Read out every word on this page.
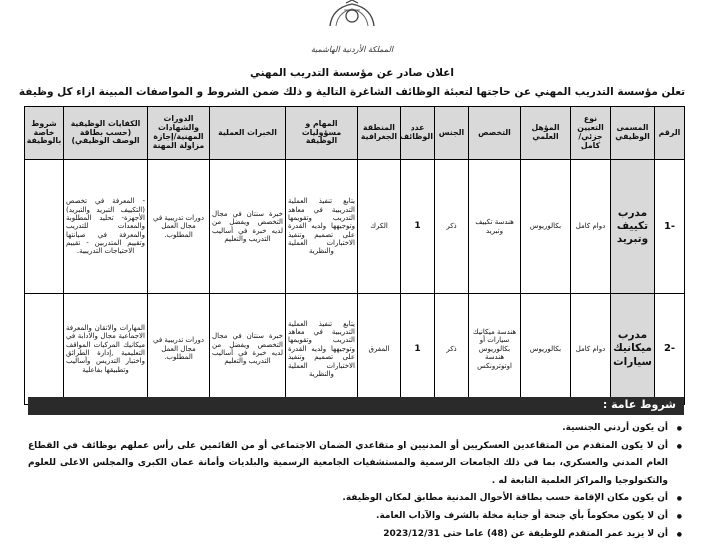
المملكة الأردنية الهاشمية
اعلان صادر عن مؤسسة التدريب المهني
تعلن مؤسسة التدريب المهني عن حاجتها لتعبئة الوظائف الشاغرة التالية و ذلك ضمن الشروط و المواصفات المبينة ازاء كل وظيفة
الرقم	المسمى الوظيفي	نوع التعيين جزئي/كامل	المؤهل العلمي	التخصص	الجنس	عدد الوظائف	المنطقة الجغرافية	المهام و مسؤوليات الوظيفة	الخبرات العملية	الدورات والشهادات المهنية/إجازة مزاولة المهنة	الكفايات الوظيفية (حسب بطاقة الوصف الوظيفي)	شروط خاصة بالوظيفة
1-	مدرب تكييف وتبريد	دوام كامل	بكالوريوس	هندسة تكييف وتبريد	ذكر	1	الكرك	يتابع تنفيذ العملية التدريبية في معاهد التدريب وتقويمها وتوجيهها ولديه القدرة على تصميم وتنفيذ الاختبارات العملية والنظرية	خبرة سنتان في مجال التخصص ويفضل من لديه خبرة في أساليب التدريب والتعليم	دورات تدريبية في مجال العمل المطلوب.	- المعرفة في تخصص (التكييف التبريد والتبريد) الأجهزة- تحليد المطلوبة والمعدات للتدريب والمعرفة في صيانتها وتقييم المتدربين - تقييم الاحتياجات التدريبية.	
2-	مدرب ميكانيك سيارات	دوام كامل	بكالوريوس	هندسة ميكانيك سيارات أو بكالوريوس هندسة اوتوترونكس	ذكر	1	المفرق	يتابع تنفيذ العملية التدريبية في معاهد التدريب وتقويمها وتوجيهها ولديه القدرة على تصميم وتنفيذ الاختبارات العملية والنظرية	خبرة سنتان في مجال التخصص ويفضل من لديه خبرة في أساليب التدريب والتعليم	دورات تدريبية في مجال العمل المطلوب.	المهارات والاتقان والمعرفة الاجماعية مجال والادابة في ميكانيك المركبات المواقف التعليمية ,إدارة الطرائق واختبار التدريس وأساليب وتطبيقها بفاعلية	
شروط عامة :
● أن يكون أردني الجنسية.
● أن لا يكون المتقدم من المتقاعدين العسكريين أو المدنيين او متقاعدي الضمان الاجتماعي أو من القائمين على رأس عملهم بوظائف في القطاع العام المدني والعسكري، بما في ذلك الجامعات الرسمية والمستشفيات الجامعية الرسمية والبلديات وأمانة عمان الكبرى والمجلس الاعلى للعلوم والتكنولوجيا والمراكز العلمية التابعة له .
● أن يكون مكان الإقامة حسب بطاقة الأحوال المدنية مطابق لمكان الوظيفة.
● أن لا يكون محكوماً بأي جنحة أو جناية مخلة بالشرف والآداب العامة.
● أن لا يزيد عمر المتقدم للوظيفة عن (48) عاما حتى 2023/12/31
